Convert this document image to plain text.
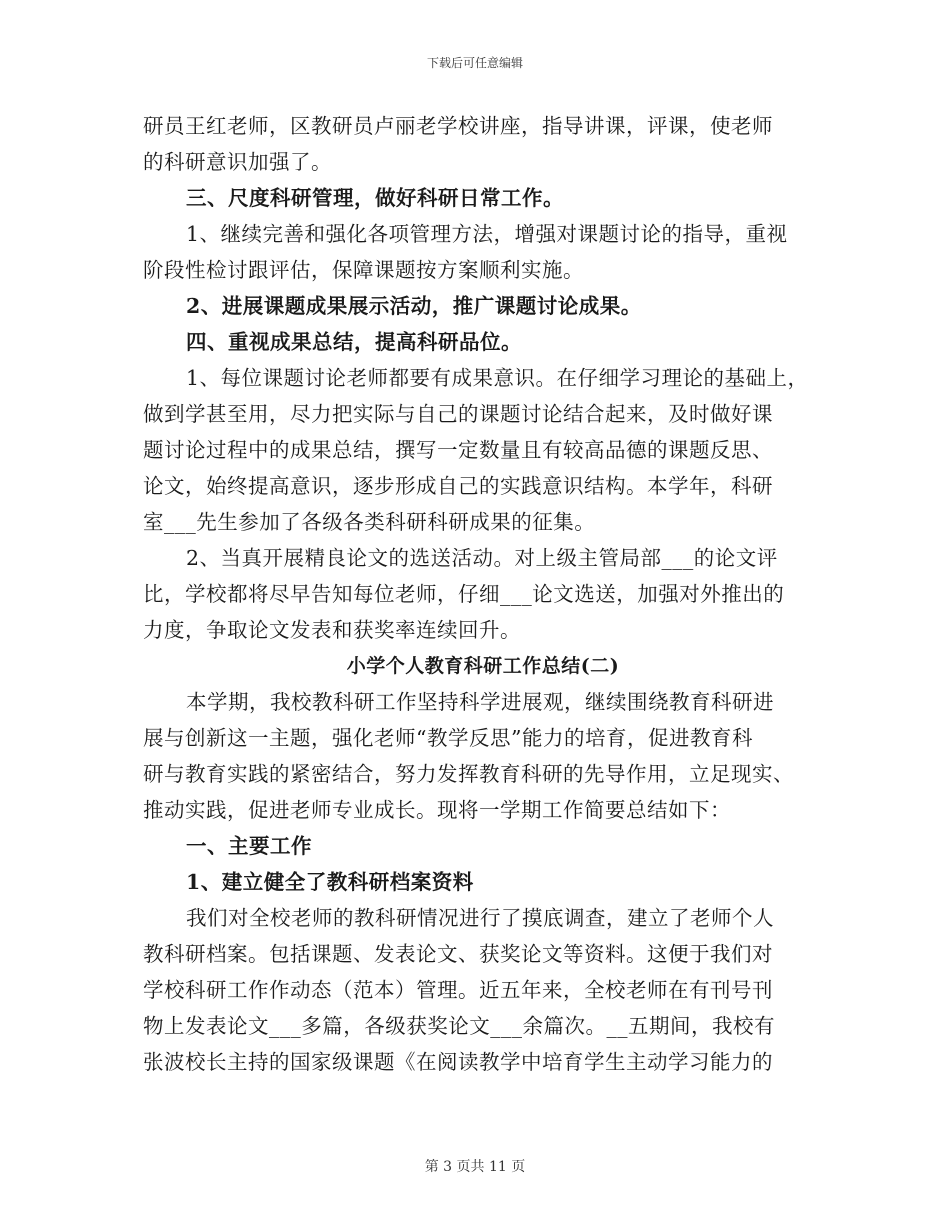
下载后可任意编辑
研员王红老师，区教研员卢丽老学校讲座，指导讲课，评课，使老师
的科研意识加强了。
三、尺度科研管理，做好科研日常工作。
1、继续完善和强化各项管理方法，增强对课题讨论的指导，重视
阶段性检讨跟评估，保障课题按方案顺利实施。
2、进展课题成果展示活动，推广课题讨论成果。
四、重视成果总结，提高科研品位。
1、每位课题讨论老师都要有成果意识。在仔细学习理论的基础上，
做到学甚至用，尽力把实际与自己的课题讨论结合起来，及时做好课
题讨论过程中的成果总结，撰写一定数量且有较高品德的课题反思、
论文，始终提高意识，逐步形成自己的实践意识结构。本学年，科研
室___先生参加了各级各类科研科研成果的征集。
2、当真开展精良论文的选送活动。对上级主管局部___的论文评
比，学校都将尽早告知每位老师，仔细___论文选送，加强对外推出的
力度，争取论文发表和获奖率连续回升。
小学个人教育科研工作总结(二)
本学期，我校教科研工作坚持科学进展观，继续围绕教育科研进
展与创新这一主题，强化老师“教学反思”能力的培育，促进教育科
研与教育实践的紧密结合，努力发挥教育科研的先导作用，立足现实、
推动实践，促进老师专业成长。现将一学期工作简要总结如下：
一、主要工作
1、建立健全了教科研档案资料
我们对全校老师的教科研情况进行了摸底调查，建立了老师个人
教科研档案。包括课题、发表论文、获奖论文等资料。这便于我们对
学校科研工作作动态（范本）管理。近五年来，全校老师在有刊号刊
物上发表论文___多篇，各级获奖论文___余篇次。__五期间，我校有
张波校长主持的国家级课题《在阅读教学中培育学生主动学习能力的
第 3 页共 11 页
